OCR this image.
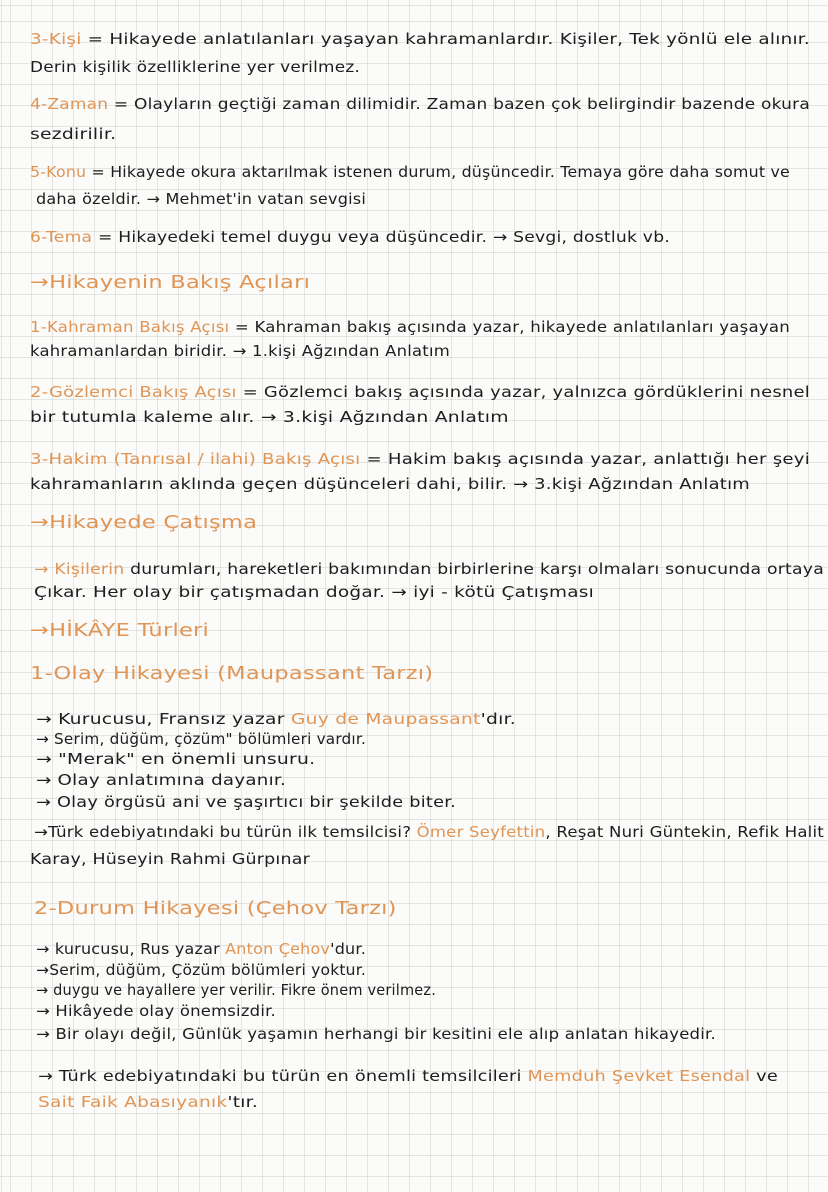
3-Kişi = Hikayede anlatılanları yaşayan kahramanlardır. Kişiler, Tek yönlü ele alınır.
Derin kişilik özelliklerine yer verilmez.
4-Zaman = Olayların geçtiği zaman dilimidir. Zaman bazen çok belirgindir bazende okura
sezdirilir.
5-Konu = Hikayede okura aktarılmak istenen durum, düşüncedir. Temaya göre daha somut ve
daha özeldir. → Mehmet'in vatan sevgisi
6-Tema = Hikayedeki temel duygu veya düşüncedir. → Sevgi, dostluk vb.
→Hikayenin Bakış Açıları
1-Kahraman Bakış Açısı = Kahraman bakış açısında yazar, hikayede anlatılanları yaşayan
kahramanlardan biridir. → 1.kişi Ağzından Anlatım
2-Gözlemci Bakış Açısı = Gözlemci bakış açısında yazar, yalnızca gördüklerini nesnel
bir tutumla kaleme alır. → 3.kişi Ağzından Anlatım
3-Hakim (Tanrısal / ilahi) Bakış Açısı = Hakim bakış açısında yazar, anlattığı her şeyi
kahramanların aklında geçen düşünceleri dahi, bilir. → 3.kişi Ağzından Anlatım
→Hikayede Çatışma
→ Kişilerin durumları, hareketleri bakımından birbirlerine karşı olmaları sonucunda ortaya
Çıkar. Her olay bir çatışmadan doğar. → iyi - kötü Çatışması
→HİKÂYE Türleri
1-Olay Hikayesi (Maupassant Tarzı)
→ Kurucusu, Fransız yazar Guy de Maupassant'dır.
→ Serim, düğüm, çözüm" bölümleri vardır.
→ "Merak" en önemli unsuru.
→ Olay anlatımına dayanır.
→ Olay örgüsü ani ve şaşırtıcı bir şekilde biter.
→Türk edebiyatındaki bu türün ilk temsilcisi? Ömer Seyfettin, Reşat Nuri Güntekin, Refik Halit
Karay, Hüseyin Rahmi Gürpınar
2-Durum Hikayesi (Çehov Tarzı)
→ kurucusu, Rus yazar Anton Çehov'dur.
→Serim, düğüm, Çözüm bölümleri yoktur.
→ duygu ve hayallere yer verilir. Fikre önem verilmez.
→ Hikâyede olay önemsizdir.
→ Bir olayı değil, Günlük yaşamın herhangi bir kesitini ele alıp anlatan hikayedir.
→ Türk edebiyatındaki bu türün en önemli temsilcileri Memduh Şevket Esendal ve
Sait Faik Abasıyanık'tır.
